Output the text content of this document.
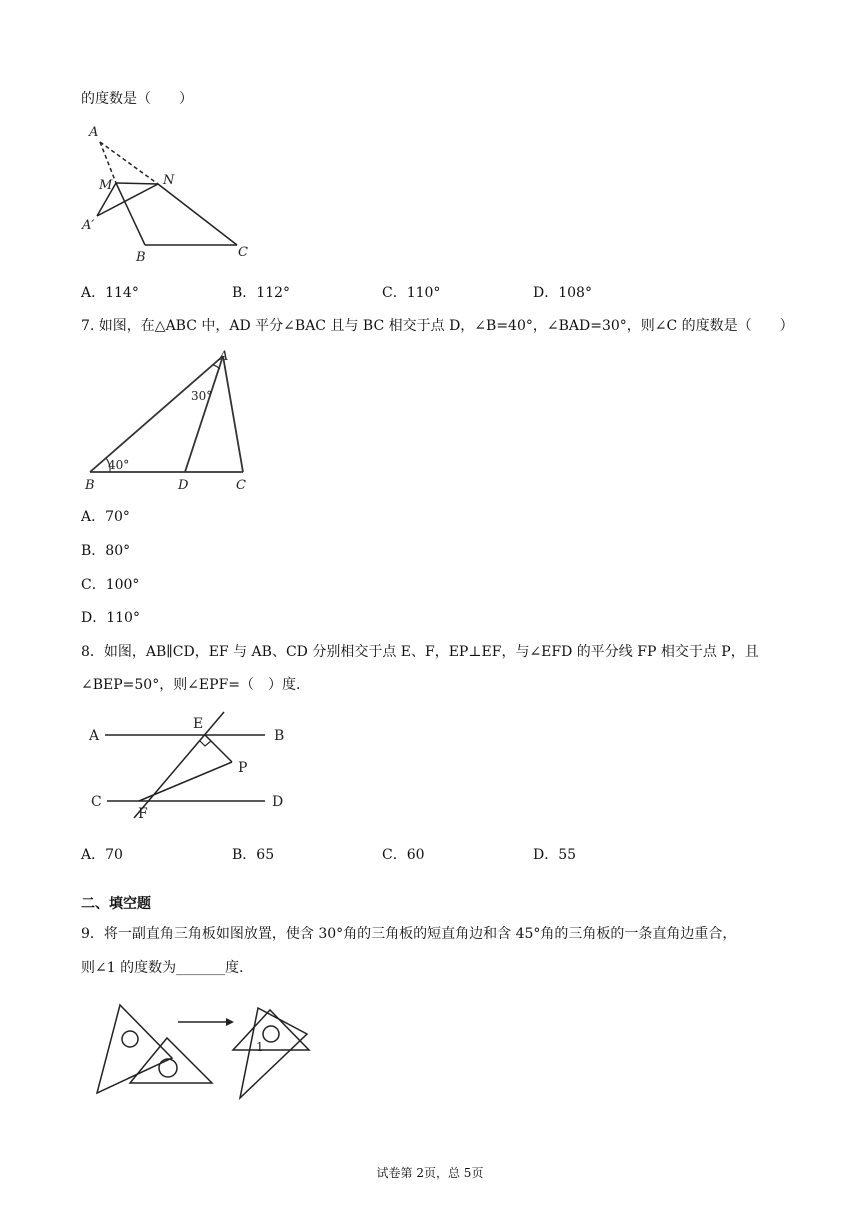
的度数是（　　）
A
M	N
A′
B	C
A．114°	B．112°	C．110°	D．108°
7. 如图，在△ABC 中，AD 平分∠BAC 且与 BC 相交于点 D，∠B=40°，∠BAD=30°，则∠C 的度数是（　　）
A
B	D	C
30°
40°
A．70°
B．80°
C．100°
D．110°
8．如图，AB∥CD，EF 与 AB、CD 分别相交于点 E、F，EP⊥EF，与∠EFD 的平分线 FP 相交于点 P，且
∠BEP=50°，则∠EPF=（　）度．
A	B
C	D
E
F
P
A．70	B．65	C．60	D．55
二、填空题
9．将一副直角三角板如图放置，使含 30°角的三角板的短直角边和含 45°角的三角板的一条直角边重合，
则∠1 的度数为_______度．
1
试卷第 2页，总 5页
